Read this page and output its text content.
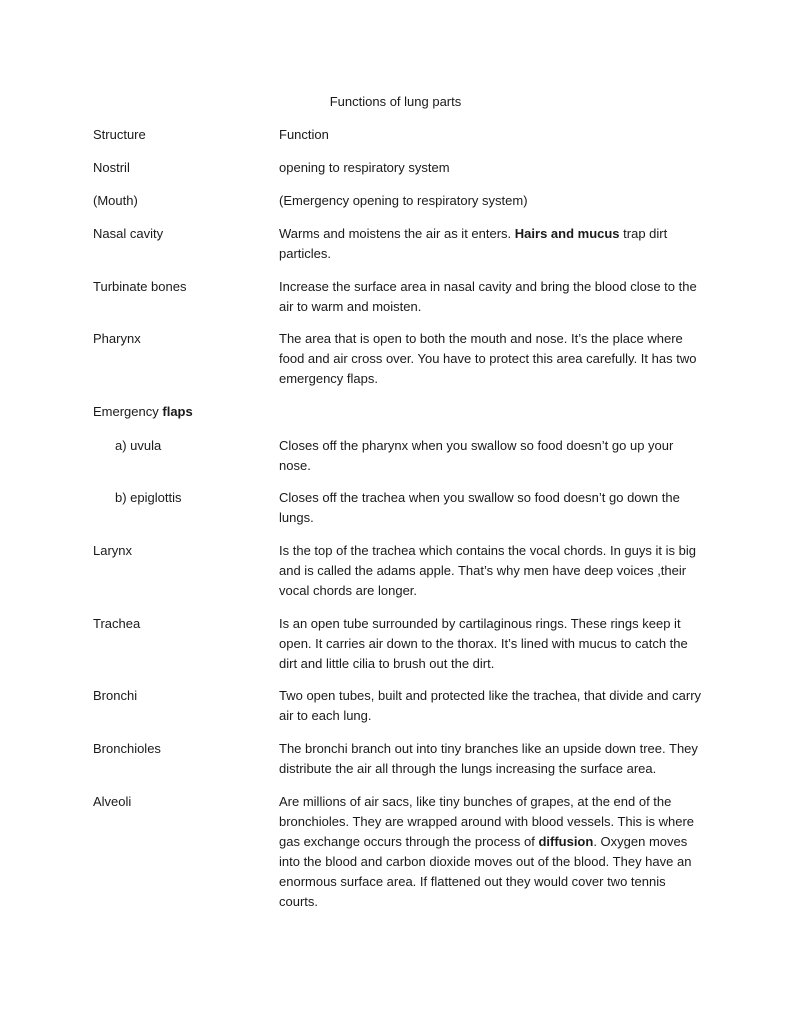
Functions of lung parts
Structure	Function
Nostril	opening to respiratory system
(Mouth)	(Emergency opening to respiratory system)
Nasal cavity	Warms and moistens the air as it enters. Hairs and mucus trap dirt particles.
Turbinate bones	Increase the surface area in nasal cavity and bring the blood close to the air to warm and moisten.
Pharynx	The area that is open to both the mouth and nose. It’s the place where food and air cross over. You have to protect this area carefully. It has two emergency flaps.
Emergency flaps
a) uvula	Closes off the pharynx when you swallow so food doesn’t go up your nose.
b) epiglottis	Closes off the trachea when you swallow so food doesn’t go down the lungs.
Larynx	Is the top of the trachea which contains the vocal chords. In guys it is big and is called the adams apple. That’s why men have deep voices ,their vocal chords are longer.
Trachea	Is an open tube surrounded by cartilaginous rings. These rings keep it open. It carries air down to the thorax. It’s lined with mucus to catch the dirt and little cilia to brush out the dirt.
Bronchi	Two open tubes, built and protected like the trachea, that divide and carry air to each lung.
Bronchioles	The bronchi branch out into tiny branches like an upside down tree. They distribute the air all through the lungs increasing the surface area.
Alveoli	Are millions of air sacs, like tiny bunches of grapes, at the end of the bronchioles. They are wrapped around with blood vessels. This is where gas exchange occurs through the process of diffusion. Oxygen moves into the blood and carbon dioxide moves out of the blood. They have an enormous surface area. If flattened out they would cover two tennis courts.
